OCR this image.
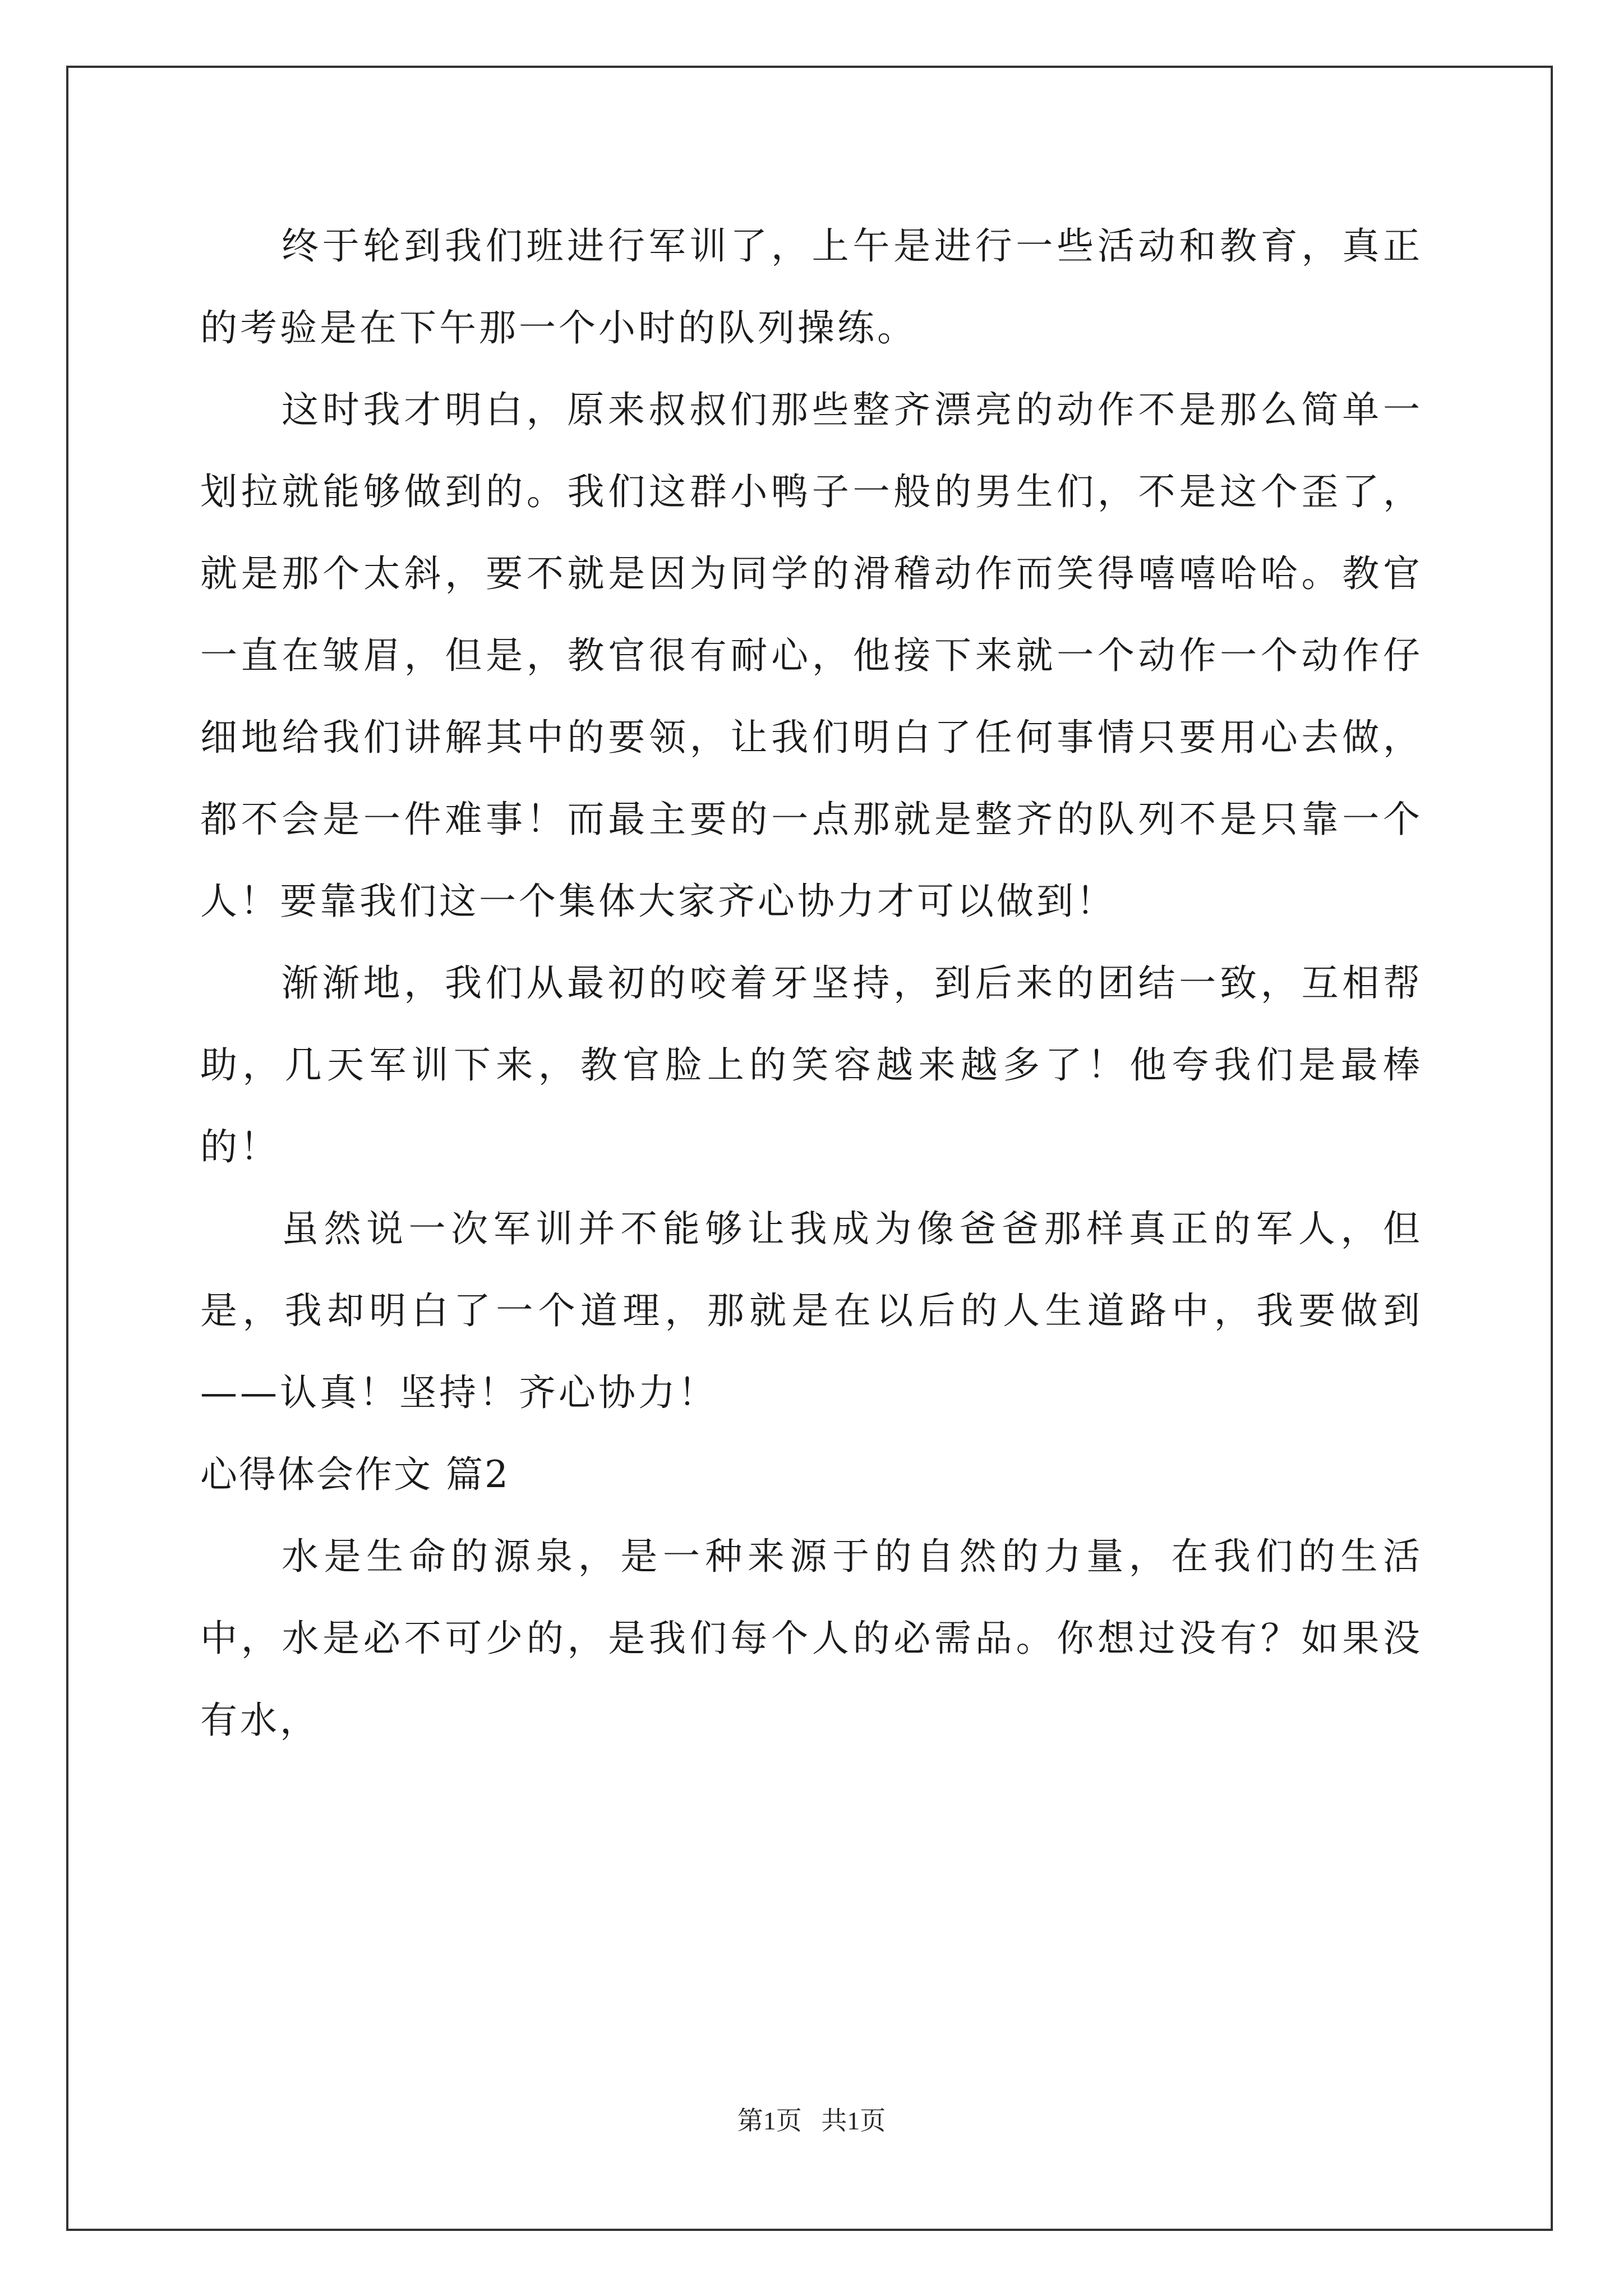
终于轮到我们班进行军训了，上午是进行一些活动和教育，真正的考验是在下午那一个小时的队列操练。

这时我才明白，原来叔叔们那些整齐漂亮的动作不是那么简单一划拉就能够做到的。我们这群小鸭子一般的男生们，不是这个歪了，就是那个太斜，要不就是因为同学的滑稽动作而笑得嘻嘻哈哈。教官一直在皱眉，但是，教官很有耐心，他接下来就一个动作一个动作仔细地给我们讲解其中的要领，让我们明白了任何事情只要用心去做，都不会是一件难事！而最主要的一点那就是整齐的队列不是只靠一个人！要靠我们这一个集体大家齐心协力才可以做到！

渐渐地，我们从最初的咬着牙坚持，到后来的团结一致，互相帮助，几天军训下来，教官脸上的笑容越来越多了！他夸我们是最棒的！

虽然说一次军训并不能够让我成为像爸爸那样真正的军人，但是，我却明白了一个道理，那就是在以后的人生道路中，我要做到——认真！坚持！齐心协力！

心得体会作文 篇2

水是生命的源泉，是一种来源于的自然的力量，在我们的生活中，水是必不可少的，是我们每个人的必需品。你想过没有？如果没有水，

第1页 共1页
